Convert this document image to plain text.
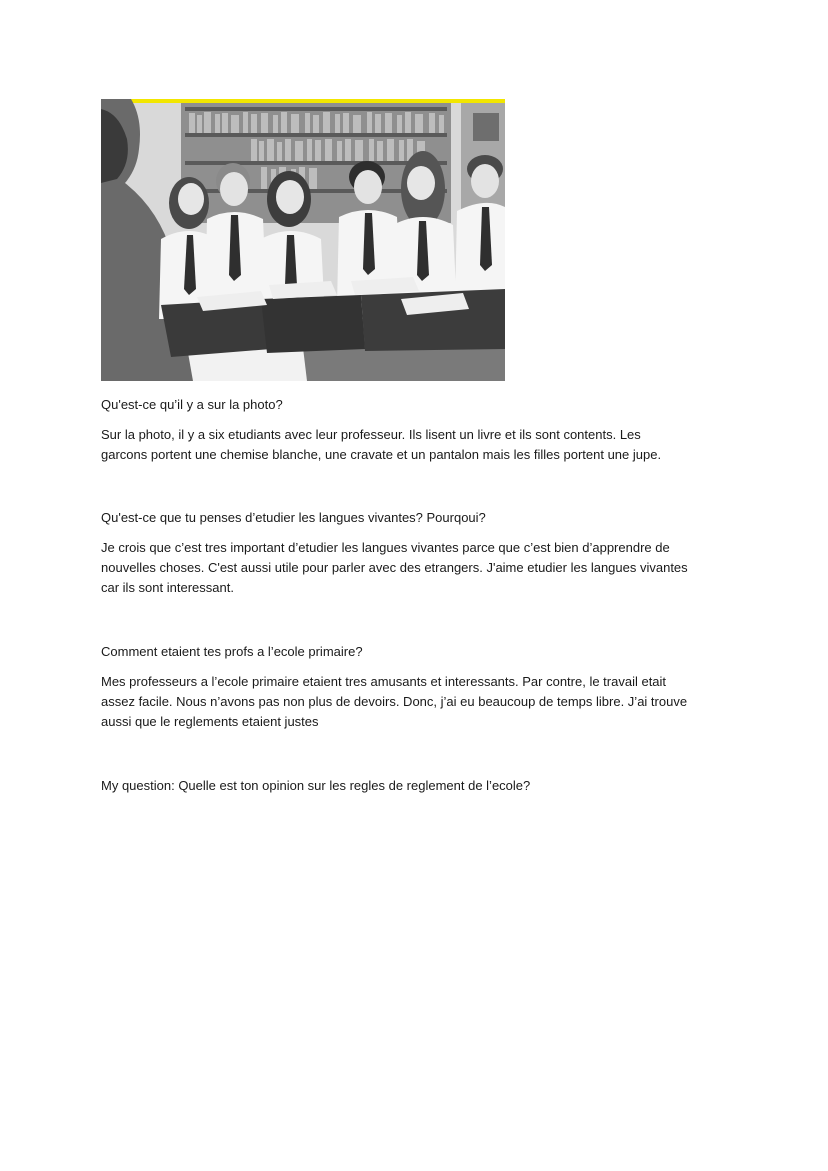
Qu'est-ce qu’il y a sur la photo?

Sur la photo, il y a six etudiants avec leur professeur. Ils lisent un livre et ils sont contents. Les
garcons portent une chemise blanche, une cravate et un pantalon mais les filles portent une jupe.

Qu'est-ce que tu penses d’etudier les langues vivantes? Pourqoui?

Je crois que c’est tres important d’etudier les langues vivantes parce que c’est bien d’apprendre de
nouvelles choses. C'est aussi utile pour parler avec des etrangers. J'aime etudier les langues vivantes
car ils sont interessant.

Comment etaient tes profs a l’ecole primaire?

Mes professeurs a l’ecole primaire etaient tres amusants et interessants. Par contre, le travail etait
assez facile. Nous n’avons pas non plus de devoirs. Donc, j’ai eu beaucoup de temps libre. J’ai trouve
aussi que le reglements etaient justes

My question: Quelle est ton opinion sur les regles de reglement de l’ecole?
